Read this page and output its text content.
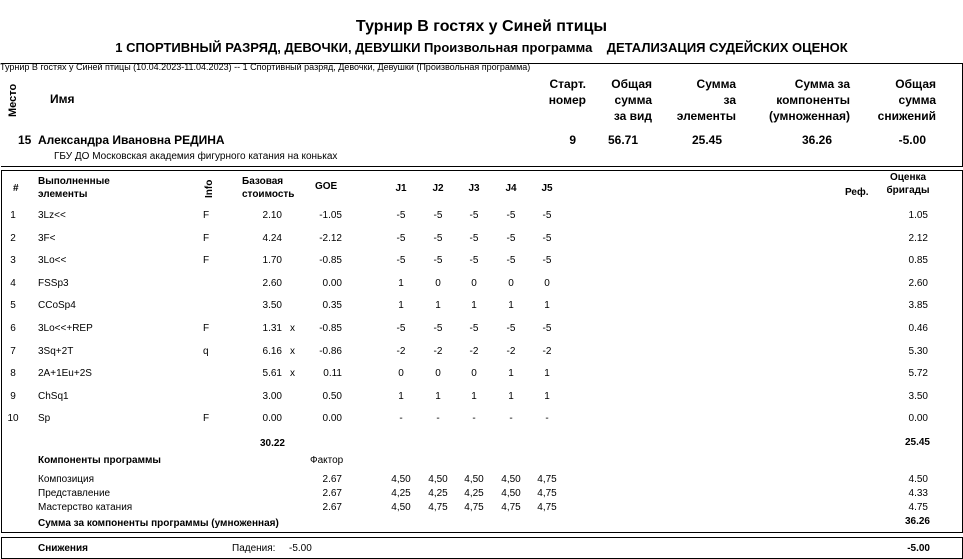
Турнир В гостях у Синей птицы
1 СПОРТИВНЫЙ РАЗРЯД, ДЕВОЧКИ, ДЕВУШКИ Произвольная программа    ДЕТАЛИЗАЦИЯ СУДЕЙСКИХ ОЦЕНОК
Турнир В гостях у Синей птицы (10.04.2023-11.04.2023) -- 1 Спортивный разряд, Девочки, Девушки (Произвольная программа)
Место	Имя
Старт.
номер
Общая
сумма
за вид
Сумма
за
элементы
Сумма за
компоненты
(умноженная)
Общая
сумма
снижений
15 Александра Ивановна РЕДИНА
ГБУ ДО Московская академия фигурного катания на коньках
9	56.71	25.45	36.26	-5.00
#
Выполненные
элементы	Info	Базовая
стоимость
GOE	J1	J2	J3	J4	J5	Реф.
Оценка
бригады
1	3Lz<<	F	2.10	-1.05	-5	-5	-5	-5	-5	1.05
2	3F<	F	4.24	-2.12	-5	-5	-5	-5	-5	2.12
3	3Lo<<	F	1.70	-0.85	-5	-5	-5	-5	-5	0.85
4	FSSp3	2.60	0.00	1	0	0	0	0	2.60
5	CCoSp4	3.50	0.35	1	1	1	1	1	3.85
6	3Lo<<+REP	F	1.31 x	-0.85	-5	-5	-5	-5	-5	0.46
7	3Sq+2T	q	6.16 x	-0.86	-2	-2	-2	-2	-2	5.30
8	2A+1Eu+2S	5.61 x	0.11	0	0	0	1	1	5.72
9	ChSq1	3.00	0.50	1	1	1	1	1	3.50
10	Sp	F	0.00	0.00	-	-	-	-	-	0.00
30.22	25.45
Компоненты программы	Фактор
Композиция	2.67	4,50	4,50	4,50	4,50	4,75	4.50
Представление	2.67	4,25	4,25	4,25	4,50	4,75	4.33
Мастерство катания	2.67	4,50	4,75	4,75	4,75	4,75	4.75
Сумма за компоненты программы (умноженная)	36.26
Снижения	Падения: -5.00	-5.00
